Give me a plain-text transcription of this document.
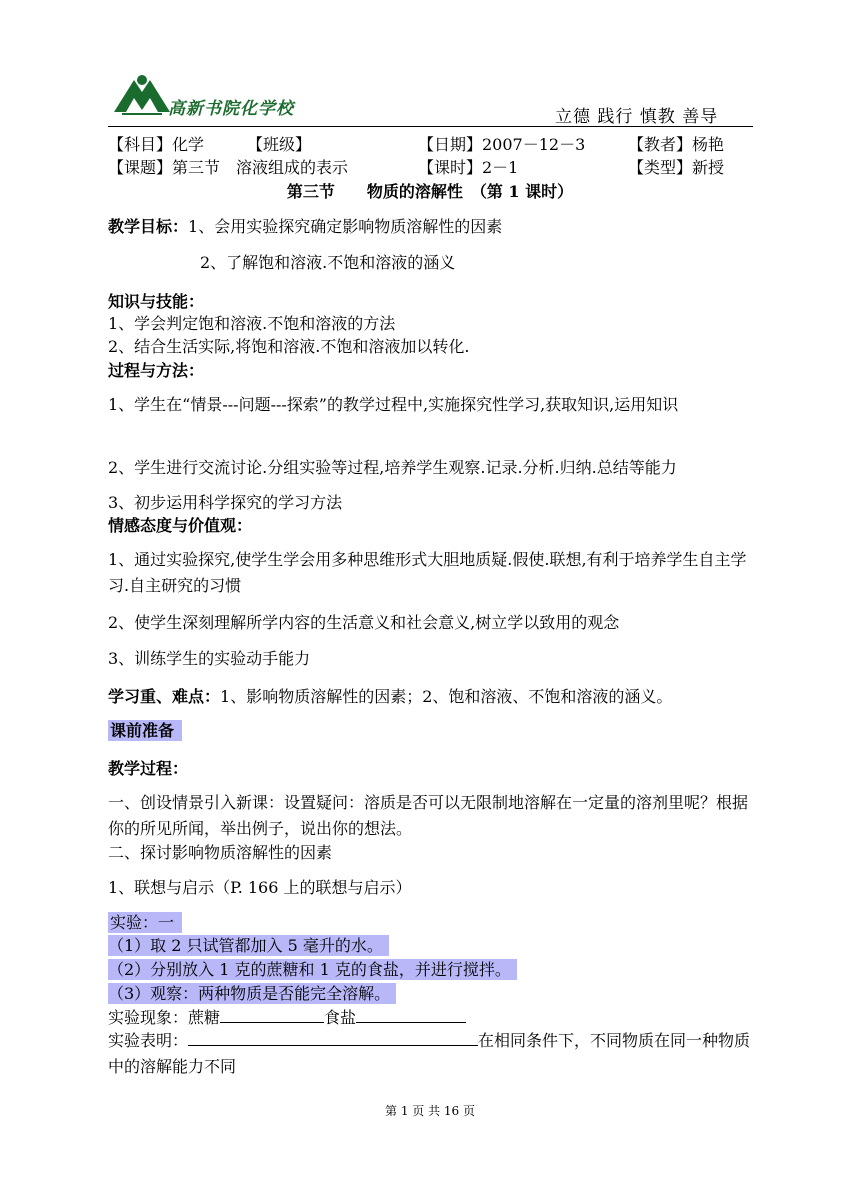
高新书院化学校	立德 践行 慎教 善导
【科目】化学	【班级】	【日期】2007－12－3	【教者】杨艳
【课题】第三节　溶液组成的表示	【课时】2－1	【类型】新授
第三节　　物质的溶解性　（第 1 课时）
教学目标：1、会用实验探究确定影响物质溶解性的因素
2、了解饱和溶液.不饱和溶液的涵义
知识与技能：
1、学会判定饱和溶液.不饱和溶液的方法
2、结合生活实际,将饱和溶液.不饱和溶液加以转化.
过程与方法：
1、学生在“情景---问题---探索”的教学过程中,实施探究性学习,获取知识,运用知识
2、学生进行交流讨论.分组实验等过程,培养学生观察.记录.分析.归纳.总结等能力
3、初步运用科学探究的学习方法
情感态度与价值观：
1、通过实验探究,使学生学会用多种思维形式大胆地质疑.假使.联想,有利于培养学生自主学习.自主研究的习惯
2、使学生深刻理解所学内容的生活意义和社会意义,树立学以致用的观念
3、训练学生的实验动手能力
学习重、难点：1、影响物质溶解性的因素；2、饱和溶液、不饱和溶液的涵义。
课前准备
教学过程：
一、创设情景引入新课：设置疑问：溶质是否可以无限制地溶解在一定量的溶剂里呢？根据你的所见所闻，举出例子，说出你的想法。
二、探讨影响物质溶解性的因素
1、联想与启示（P. 166 上的联想与启示）
实验：一
（1）取 2 只试管都加入 5 毫升的水。
（2）分别放入 1 克的蔗糖和 1 克的食盐，并进行搅拌。
（3）观察：两种物质是否能完全溶解。
实验现象：蔗糖	食盐
实验表明：	在相同条件下，不同物质在同一种物质中的溶解能力不同
第 1 页 共 16 页
